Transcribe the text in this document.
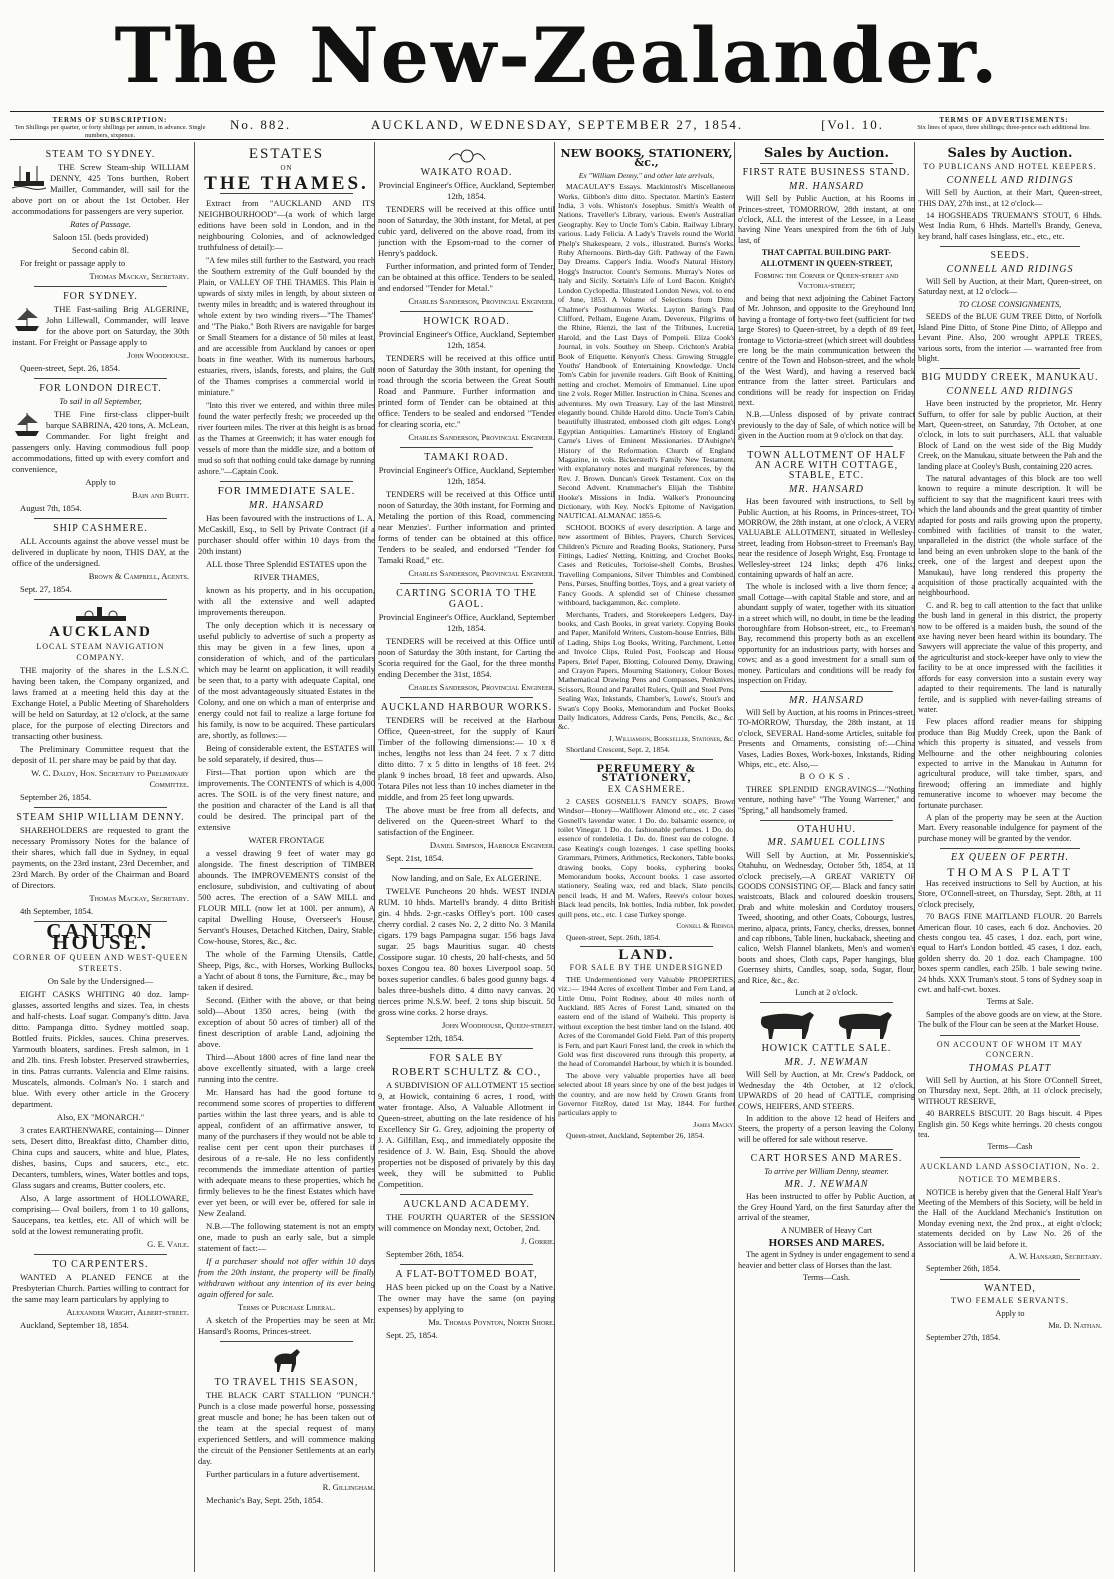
The New-Zealander.
TERMS OF SUBSCRIPTION:
Ten Shillings per quarter, or forty shillings per annum, in advance. Single numbers, sixpence.
TERMS OF ADVERTISEMENTS:
Six lines of space, three shillings; three-pence each additional line.
No. 882.	AUCKLAND, WEDNESDAY, SEPTEMBER 27, 1854.	[Vol. 10.
STEAM TO SYDNEY.

THE Screw Steam-ship WILLIAM DENNY, 425 Tons burthen, Robert Mailler, Commander, will sail for the above port on or about the 1st October. Her accommodations for passengers are very superior.

Rates of Passage.

Saloon 15l. (beds provided)

Second cabin 8l.

For freight or passage apply to

Thomas Mackay, Secretary.

FOR SYDNEY.

THE Fast-sailing Brig ALGERINE, John Lillewall, Commander, will leave for the above port on Saturday, the 30th instant. For Freight or Passage apply to

John Woodhouse.

Queen-street, Sept. 26, 1854.

FOR LONDON DIRECT.

To sail in all September,

THE Fine first-class clipper-built barque SABRINA, 420 tons, A. McLean, Commander. For light freight and passengers only. Having commodious full poop accommodations, fitted up with every comfort and convenience,

Apply to

Bain and Burtt.

August 7th, 1854.

SHIP CASHMERE.

ALL Accounts against the above vessel must be delivered in duplicate by noon, THIS DAY, at the office of the undersigned.

Brown & Campbell, Agents.

Sept. 27, 1854.

AUCKLAND
LOCAL STEAM NAVIGATION COMPANY.

THE majority of the shares in the L.S.N.C. having been taken, the Company organized, and laws framed at a meeting held this day at the Exchange Hotel, a Public Meeting of Shareholders will be held on Saturday, at 12 o'clock, at the same place, for the purpose of electing Directors and transacting other business.

The Preliminary Committee request that the deposit of 1l. per share may be paid by that day.

W. C. Daldy, Hon. Secretary to Preliminary Committee.

September 26, 1854.

STEAM SHIP WILLIAM DENNY.

SHAREHOLDERS are requested to grant the necessary Promissory Notes for the balance of their shares, which fall due in Sydney, in equal payments, on the 23rd instant, 23rd December, and 23rd March. By order of the Chairman and Board of Directors.

Thomas Mackay, Secretary.

4th September, 1854.

CANTON HOUSE.
CORNER OF QUEEN AND WEST-QUEEN STREETS.

On Sale by the Undersigned—

EIGHT CASKS WHITING 40 doz. lamp-glasses, assorted lengths and sizes. Tea, in chests and half-chests. Loaf sugar. Company's ditto. Java ditto. Pampanga ditto. Sydney mottled soap. Bottled fruits. Pickles, sauces. China preserves. Yarmouth bloaters, sardines. Fresh salmon, in 1 and 2lb. tins. Fresh lobster. Preserved strawberries, in tins. Patras currants. Valencia and Elme raisins. Muscatels, almonds. Colman's No. 1 starch and blue. With every other article in the Grocery department.

Also, EX "MONARCH."

3 crates EARTHENWARE, containing— Dinner sets, Desert ditto, Breakfast ditto, Chamber ditto, China cups and saucers, white and blue, Plates, dishes, basins, Cups and saucers, etc., etc. Decanters, tumblers, wines, Water bottles and tops, Glass sugars and creams, Butter coolers, etc.

Also, A large assortment of HOLLOWARE, comprising— Oval boilers, from 1 to 10 gallons, Saucepans, tea kettles, etc. All of which will be sold at the lowest remunerating profit.

G. E. Vaile.

TO CARPENTERS.

WANTED A PLANED FENCE at the Presbyterian Church. Parties willing to contract for the same may learn particulars by applying to

Alexander Wright, Albert-street.

Auckland, September 18, 1854.

ESTATES
ON
THE THAMES.

Extract from "AUCKLAND AND ITS NEIGHBOURHOOD"—(a work of which large editions have been sold in London, and in the neighbouring Colonies, and of acknowledged truthfulness of detail):—

"A few miles still further to the Eastward, you reach the Southern extremity of the Gulf bounded by the Plain, or VALLEY OF THE THAMES. This Plain is upwards of sixty miles in length, by about sixteen or twenty miles in breadth; and is watered throughout its whole extent by two winding rivers—"The Thames" and "The Piako." Both Rivers are navigable for barges or Small Steamers for a distance of 50 miles at least, and are accessible from Auckland by canoes or open boats in fine weather. With its numerous harbours, estuaries, rivers, islands, forests, and plains, the Gulf of the Thames comprises a commercial world in miniature."

"Into this river we entered, and within three miles found the water perfectly fresh; we proceeded up the river fourteen miles. The river at this height is as broad as the Thames at Greenwich; it has water enough for vessels of more than the middle size, and a bottom of mud so soft that nothing could take damage by running ashore."—Captain Cook.

FOR IMMEDIATE SALE.
MR. HANSARD

Has been favoured with the instructions of L. A. McCaskill, Esq., to Sell by Private Contract (if a purchaser should offer within 10 days from the 20th instant)

ALL those Three Splendid ESTATES upon the

RIVER THAMES,

known as his property, and in his occupation, with all the extensive and well adapted improvements thereupon.

The only deception which it is necessary or useful publicly to advertise of such a property as this may be given in a few lines, upon a consideration of which, and of the particulars which may be learnt on application, it will readily be seen that, to a party with adequate Capital, one of the most advantageously situated Estates in the Colony, and one on which a man of enterprise and energy could not fail to realize a large fortune for his family, is now to be acquired. These particulars are, shortly, as follows:—

Being of considerable extent, the ESTATES will be sold separately, if desired, thus—

First—That portion upon which are the improvements. The CONTENTS of which is 4,000 acres. The SOIL is of the very finest nature, and the position and character of the Land is all that could be desired. The principal part of the extensive

WATER FRONTAGE

a vessel drawing 9 feet of water may go alongside. The finest description of TIMBER abounds. The IMPROVEMENTS consist of the enclosure, subdivision, and cultivating of about 500 acres. The erection of a SAW MILL and FLOUR MILL (now let at 100l. per annum), A capital Dwelling House, Overseer's House, Servant's Houses, Detached Kitchen, Dairy, Stable, Cow-house, Stores, &c., &c.

The whole of the Farming Utensils, Cattle, Sheep, Pigs, &c., with Horses, Working Bullocks, a Yacht of about 8 tons, the Furniture, &c., may be taken if desired.

Second. (Either with the above, or that being sold)—About 1350 acres, being (with the exception of about 50 acres of timber) all of the finest description of arable Land, adjoining the above.

Third—About 1800 acres of fine land near the above excellently situated, with a large creek running into the centre.

Mr. Hansard has had the good fortune to recommend some scores of properties to different parties within the last three years, and is able to appeal, confident of an affirmative answer, to many of the purchasers if they would not be able to realise cent per cent upon their purchases if desirous of a re-sale. He no less confidently recommends the immediate attention of parties with adequate means to these properties, which he firmly believes to be the finest Estates which have ever yet been, or will ever be, offered for sale in New Zealand.

N.B.—The following statement is not an empty one, made to push an early sale, but a simple statement of fact:—

If a purchaser should not offer within 10 days from the 20th instant, the property will be finally withdrawn without any intention of its ever being again offered for sale.

Terms of Purchase Liberal.

A sketch of the Properties may be seen at Mr. Hansard's Rooms, Princes-street.

TO TRAVEL THIS SEASON,

THE BLACK CART STALLION "PUNCH." Punch is a close made powerful horse, possessing great muscle and bone; he has been taken out of the team at the special request of many experienced Settlers, and will commence making the circuit of the Pensioner Settlements at an early day.

Further particulars in a future advertisement.

R. Gillingham.

Mechanic's Bay, Sept. 25th, 1854.

WAIKATO ROAD.

Provincial Engineer's Office, Auckland, September 12th, 1854.

TENDERS will be received at this office until noon of Saturday, the 30th instant, for Metal, at per cubic yard, delivered on the above road, from its junction with the Epsom-road to the corner of Henry's paddock.

Further information, and printed form of Tender, can be obtained at this office. Tenders to be sealed, and endorsed "Tender for Metal."

Charles Sanderson, Provincial Engineer.

HOWICK ROAD.

Provincial Engineer's Office, Auckland, September 12th, 1854.

TENDERS will be received at this office until noon of Saturday the 30th instant, for opening the road through the scoria between the Great South Road and Panmure. Further information and printed form of Tender can be obtained at this office. Tenders to be sealed and endorsed "Tender for clearing scoria, etc."

Charles Sanderson, Provincial Engineer.

TAMAKI ROAD.

Provincial Engineer's Office, Auckland, September 12th, 1854.

TENDERS will be received at this Office until noon of Saturday, the 30th instant, for Forming and Metaling the portion of this Road, commencing near Menzies'. Further information and printed forms of tender can be obtained at this office. Tenders to be sealed, and endorsed "Tender for Tamaki Road," etc.

Charles Sanderson, Provincial Engineer.

CARTING SCORIA TO THE GAOL.

Provincial Engineer's Office, Auckland, September 12th, 1854.

TENDERS will be received at this Office until noon of Saturday the 30th instant, for Carting the Scoria required for the Gaol, for the three months ending December the 31st, 1854.

Charles Sanderson, Provincial Engineer.

AUCKLAND HARBOUR WORKS.

TENDERS will be received at the Harbour Office, Queen-street, for the supply of Kauri Timber of the following dimensions:— 10 x 8 inches, lengths not less than 24 feet. 7 x 7 ditto ditto ditto. 7 x 5 ditto in lengths of 18 feet. 2½ plank 9 inches broad, 18 feet and upwards. Also, Totara Piles not less than 10 inches diameter in the middle, and from 25 feet long upwards.

The above must be free from all defects, and delivered on the Queen-street Wharf to the satisfaction of the Engineer.

Daniel Simpson, Harbour Engineer.

Sept. 21st, 1854.

Now landing, and on Sale, Ex ALGERINE.

TWELVE Puncheons 20 hhds. WEST INDIA RUM. 10 hhds. Martell's brandy. 4 ditto British gin. 4 hhds. 2-gr.-casks Offley's port. 100 cases cherry cordial. 2 cases No. 2, 2 ditto No. 3 Manila cigars. 179 bags Pampagna sugar. 156 bags Java sugar. 25 bags Mauritius sugar. 40 chests Cossipore sugar. 10 chests, 20 half-chests, and 50 boxes Congou tea. 80 boxes Liverpool soap. 50 boxes superior candles. 6 bales good gunny bags. 4 bales three-bushels ditto. 4 ditto navy canvas. 20 tierces prime N.S.W. beef. 2 tons ship biscuit. 50 gross wine corks. 2 horse drays.

John Woodhouse, Queen-street.

September 12th, 1854.

FOR SALE BY
ROBERT SCHULTZ & CO.,

A SUBDIVISION OF ALLOTMENT 15 section 9, at Howick, containing 6 acres, 1 rood, with water frontage. Also, A Valuable Allotment in Queen-street, abutting on the late residence of his Excellency Sir G. Grey, adjoining the property of J. A. Gilfillan, Esq., and immediately opposite the residence of J. W. Bain, Esq. Should the above properties not be disposed of privately by this day week, they will be submitted to Public Competition.

AUCKLAND ACADEMY.

THE FOURTH QUARTER of the SESSION will commence on Monday next, October, 2nd.

J. Gorrie.

September 26th, 1854.

A FLAT-BOTTOMED BOAT,

HAS been picked up on the Coast by a Native. The owner may have the same (on paying expenses) by applying to

Mr. Thomas Poynton, North Shore.

Sept. 25, 1854.

NEW BOOKS, STATIONERY, &c.,

Ex "William Denny," and other late arrivals,

MACAULAY'S Essays. Mackintosh's Miscellaneous Works. Gibbon's ditto ditto. Spectator. Martin's Eastern India, 3 vols. Whiston's Josephus. Smith's Wealth of Nations. Traveller's Library, various. Ewen's Australian Geography. Key to Uncle Tom's Cabin. Railway Library, various. Lady Felicia. A Lady's Travels round the World. Phelp's Shakespeare, 2 vols., illustrated. Burns's Works. Ruby Afternoons. Birth-day Gift. Pathway of the Fawn. Day Dreams. Capper's India. Wood's Natural History. Hogg's Instructor. Count's Sermons. Murray's Notes on Italy and Sicily. Sortain's Life of Lord Bacon. Knight's London Cyclopedia. Illustrated London News, vol. to end of June, 1853. A Volume of Selections from Ditto. Chalmer's Posthumous Works. Layton Baring's Paul Clifford, Pelham, Eugene Aram, Devereux, Pilgrims of the Rhine, Rienzi, the last of the Tribunes, Lucretia, Harold, and the Last Days of Pompeii. Eliza Cook's Journal, in vols. Southey on Sheep. Crichton's Arabia. Book of Etiquette. Kenyon's Chess. Growing Struggle. Youths' Handbook of Entertaining Knowledge. Uncle Tom's Cabin for juvenile readers. Gift Book of Knitting, netting and crochet. Memoirs of Emmanuel. Line upon line 2 vols. Roger Miller. Instruction in China. Scenes and adventures. My own Treasury. Lay of the last Minstrel, elegantly bound. Childe Harold ditto. Uncle Tom's Cabin, beautifully illustrated, embossed cloth gilt edges. Long's Egyptian Antiquities. Lamartine's History of England. Carne's Lives of Eminent Missionaries. D'Aubigne's History of the Reformation. Church of England Magazine, in vols. Bickersteth's Family New Testament, with explanatory notes and marginal references, by the Rev. J. Brown. Duncan's Greek Testament. Cox on the Second Advent. Krummacher's Elijah the Tishbite. Hooke's Missions in India. Walker's Pronouncing Dictionary, with Key. Nock's Epitome of Navigation. NAUTICAL ALMANAC 1855-6.

SCHOOL BOOKS of every description. A large and new assortment of Bibles, Prayers, Church Services, Children's Picture and Reading Books, Stationery, Purse Fittings, Ladies' Netting, Knitting, and Crochet Books, Cases and Reticules, Tortoise-shell Combs, Brushes, Travelling Companions, Silver Thimbles and Combined, Pens, Purses, Snuffing bottles, Toys, and a great variety of Fancy Goods. A splendid set of Chinese chessmen withboard, backgammon, &c. complete.

Merchants, Traders, and Storekeepers Ledgers, Day-books, and Cash Books, in great variety. Copying Books and Paper, Manifold Writers, Custom-house Entries, Bills of Lading, Ships Log Books, Writing, Parchment, Letter and Invoice Clips, Ruled Post, Foolscap and House Papers, Brief Paper, Blotting, Coloured Demy, Drawing, and Crayon Papers, Mourning Stationery, Colour Boxes, Mathematical Drawing Pens and Compasses, Penknives, Scissors, Round and Parallel Rulers, Quill and Steel Pens, Sealing Wax, Inkstands, Chamber's, Lowe's, Stout's and Swan's Copy Books, Memorandum and Pocket Books, Daily Indicators, Address Cards, Pens, Pencils, &c., &c. &c.

J. Williamson, Bookseller, Stationer, &c.

Shortland Crescent, Sept. 2, 1854.

PERFUMERY & STATIONERY,
EX CASHMERE.

2 CASES GOSNELL'S FANCY SOAPS, Brown Windsor—Honey—Wallflower Almond etc., etc. 2 cases Gosnell's lavendar water. 1 Do. do. balsamic essence, or toilet Vinegar. 1 Do. do. fashionable perfumes. 1 Do. do. essence of rondeletia. 1 Do. do. finest eau de cologne. 1 case Keating's cough lozenges. 1 case spelling books, Grammars, Primers, Arithmetics, Reckoners, Table books, drawing books, Copy books, cyphering books, Memorandum books, Account books. 1 case assorted stationery, Sealing wax, red and black, Slate pencils, pencil leads, H and M. Wafers, Reeve's colour boxes, Black lead pencils, Ink bottles, India rubber, Ink powder, quill pens, etc., etc. 1 case Turkey sponge.

Connell & Ridings,

Queen-street, Sept. 26th, 1854.

LAND.
FOR SALE BY THE UNDERSIGNED

THE Undermentioned very Valuable PROPERTIES, viz.:— 1944 Acres of excellent Timber and Fern Land, at Little Omu, Point Rodney, about 40 miles north of Auckland. 885 Acres of Forest Land, situated on the eastern end of the island of Waiheki. This property is without exception the best timber land on the Island. 400 Acres of the Coromandel Gold Field. Part of this property is Fern, and part Kauri Forest land, the creek in which the Gold was first discovered runs through this property, at the head of Coromandel Harbour, by which it is bounded.

The above very valuable properties have all been selected about 18 years since by one of the best judges in the country, and are now held by Crown Grants from Governor FitzRoy, dated 1st May, 1844. For further particulars apply to

James Macky.

Queen-street, Auckland, September 26, 1854.

Sales by Auction.
FIRST RATE BUSINESS STAND.
MR. HANSARD

Will Sell by Public Auction, at his Rooms in Princes-street, TOMORROW, 28th instant, at one o'clock, ALL the interest of the Lessee, in a Lease having Nine Years unexpired from the 6th of July last, of

THAT CAPITAL BUILDING PART-ALLOTMENT IN QUEEN-STREET,

Forming the Corner of Queen-street and Victoria-street;

and being that next adjoining the Cabinet Factory of Mr. Johnson, and opposite to the Greyhound Inn; having a frontage of forty-two feet (sufficient for two large Stores) to Queen-street, by a depth of 89 feet, frontage to Victoria-street (which street will doubtless ere long be the main communication between the centre of the Town and Hobson-street, and the whole of the West Ward), and having a reserved back entrance from the latter street. Particulars and conditions will be ready for inspection on Friday next.

N.B.—Unless disposed of by private contract previously to the day of Sale, of which notice will be given in the Auction room at 9 o'clock on that day.

TOWN ALLOTMENT OF HALF AN ACRE WITH COTTAGE, STABLE, ETC.
MR. HANSARD

Has been favoured with instructions, to Sell by Public Auction, at his Rooms, in Princes-street, TO-MORROW, the 28th instant, at one o'clock, A VERY VALUABLE ALLOTMENT, situated in Wellesley-street, leading from Hobson-street to Freeman's Bay, near the residence of Joseph Wright, Esq. Frontage to Wellesley-street 124 links; depth 476 links; containing upwards of half an acre.

The whole is inclosed with a live thorn fence; a small Cottage—with capital Stable and store, and an abundant supply of water, together with its situation in a street which will, no doubt, in time be the leading thoroughfare from Hobson-street, etc., to Freeman's Bay, recommend this property both as an excellent opportunity for an industrious party, with horses and cows; and as a good investment for a small sum of money. Particulars and conditions will be ready for inspection on Friday.

MR. HANSARD

Will Sell by Auction, at his rooms in Princes-street, TO-MORROW, Thursday, the 28th instant, at 11 o'clock, SEVERAL Hand-some Articles, suitable for Presents and Ornaments, consisting of:—China Vases, Ladies Boxes, Work-boxes, Inkstands, Riding Whips, etc., etc. Also,—

BOOKS.

THREE SPLENDID ENGRAVINGS—"Nothing venture, nothing have" "The Young Warrener," and "Spring," all handsomely framed.

OTAHUHU.
MR. SAMUEL COLLINS

Will Sell by Auction, at Mr. Possenniskie's, Otahuhu, on Wednesday, October 5th, 1854, at 11 o'clock precisely,—A GREAT VARIETY OF GOODS CONSISTING OF,— Black and fancy satin waistcoats, Black and coloured doeskin trousers, Drab and white moleskin and Cordutoy trousers, Tweed, shooting, and other Coats, Cobourgs, lustres, merino, alpaca, prints, Fancy, checks, dresses, bonnet and cap ribbons, Table linen, huckaback, sheeting and calico, Welsh Flannel blankets, Men's and women's boots and shoes, Cloth caps, Paper hangings, blue Guernsey shirts, Candles, soap, soda, Sugar, flour, and Rice, &c., &c.

Lunch at 2 o'clock.

HOWICK CATTLE SALE.
MR. J. NEWMAN

Will Sell by Auction, at Mr. Crew's Paddock, on Wednesday the 4th October, at 12 o'clock, UPWARDS of 20 head of CATTLE, comprising COWS, HEIFERS, AND STEERS.

In addition to the above 12 head of Heifers and Steers, the property of a person leaving the Colony, will be offered for sale without reserve.

CART HORSES AND MARES.

To arrive per William Denny, steamer.

MR. J. NEWMAN

Has been instructed to offer by Public Auction, at the Grey Hound Yard, on the first Saturday after the arrival of the steamer,

A NUMBER of Heavy Cart

HORSES AND MARES.

The agent in Sydney is under engagement to send a heavier and better class of Horses than the last.

Terms—Cash.

Sales by Auction.
TO PUBLICANS AND HOTEL KEEPERS.
CONNELL AND RIDINGS

Will Sell by Auction, at their Mart, Queen-street, THIS DAY, 27th inst., at 12 o'clock—

14 HOGSHEADS TRUEMAN'S STOUT, 6 Hhds. West India Rum, 6 Hhds. Martell's Brandy, Geneva, key brand, half cases Isinglass, etc., etc., etc.

SEEDS.
CONNELL AND RIDINGS

Will Sell by Auction, at their Mart, Queen-street, on Saturday next, at 12 o'clock—

TO CLOSE CONSIGNMENTS,

SEEDS of the BLUE GUM TREE Ditto, of Norfolk Island Pine Ditto, of Stone Pine Ditto, of Alleppo and Levant Pine. Also, 200 wrought APPLE TREES, various sorts, from the interior — warranted free from blight.

BIG MUDDY CREEK, MANUKAU.
CONNELL AND RIDINGS

Have been instructed by the proprietor, Mr. Henry Suffurn, to offer for sale by public Auction, at their Mart, Queen-street, on Saturday, 7th October, at one o'clock, in lots to suit purchasers, ALL that valuable Block of Land on the west side of the Big Muddy Creek, on the Manukau, situate between the Pah and the landing place at Cooley's Bush, containing 220 acres.

The natural advantages of this block are too well known to require a minute description. It will be sufficient to say that the magnificent kauri trees with which the land abounds and the great quantity of timber adapted for posts and rails growing upon the property, combined with facilities of transit to the water, unparalleled in the district (the whole surface of the land being an even unbroken slope to the bank of the creek, one of the largest and deepest upon the Manukau), have long rendered this property the acquisition of those practically acquainted with the neighbourhood.

C. and R. beg to call attention to the fact that unlike the bush land in general in this district, the property now to be offered is a maiden bush, the sound of the axe having never been heard within its boundary. The Sawyers will appreciate the value of this property, and the agriculturist and stock-keeper have only to view the facility to be at once impressed with the facilities it affords for easy conversion into a sustain every way adapted to their requirements. The land is naturally fertile, and is supplied with never-failing streams of water.

Few places afford readier means for shipping produce than Big Muddy Creek, upon the Bank of which this property is situated, and vessels from Melbourne and the other neighbouring colonies expected to arrive in the Manukau in Autumn for agricultural produce, will take timber, spars, and firewood; offering an immediate and highly remunerative income to whoever may become the fortunate purchaser.

A plan of the property may be seen at the Auction Mart. Every reasonable indulgence for payment of the purchase money will be granted by the vendor.

EX QUEEN OF PERTH.
THOMAS PLATT

Has received instructions to Sell by Auction, at his Store, O'Connell-street, on Thursday, Sept. 28th, at 11 o'clock precisely,

70 BAGS FINE MAITLAND FLOUR. 20 Barrels American flour. 10 cases, each 6 doz. Anchovies. 20 chests congou tea. 45 cases, 1 doz. each, port wine, equal to Hart's London bottled. 45 cases, 1 doz. each, golden sherry do. 20 1 doz. each Champagne. 100 boxes sperm candles, each 25lb. 1 bale sewing twine. 24 hhds. XXX Truman's stout. 5 tons of Sydney soap in cwt. and half-cwt. boxes.

Terms at Sale.

Samples of the above goods are on view, at the Store. The bulk of the Flour can be seen at the Market House.

ON ACCOUNT OF WHOM IT MAY CONCERN.
THOMAS PLATT

Will Sell by Auction, at his Store O'Connell Street, on Thursday next, Sept. 28th, at 11 o'clock precisely, WITHOUT RESERVE,

40 BARRELS BISCUIT. 20 Bags biscuit. 4 Pipes English gin. 50 Kegs white herrings. 20 chests congou tea.

Terms—Cash

AUCKLAND LAND ASSOCIATION, No. 2.
NOTICE TO MEMBERS.

NOTICE is hereby given that the General Half Year's Meeting of the Members of this Society, will be held in the Hall of the Auckland Mechanic's Institution on Monday evening next, the 2nd prox., at eight o'clock; statements decided on by Law No. 26 of the Association will be laid before it.

A. W. Hansard, Secretary.

September 26th, 1854.

WANTED,

TWO FEMALE SERVANTS.

Apply to

Mr. D. Nathan.

September 27th, 1854.
